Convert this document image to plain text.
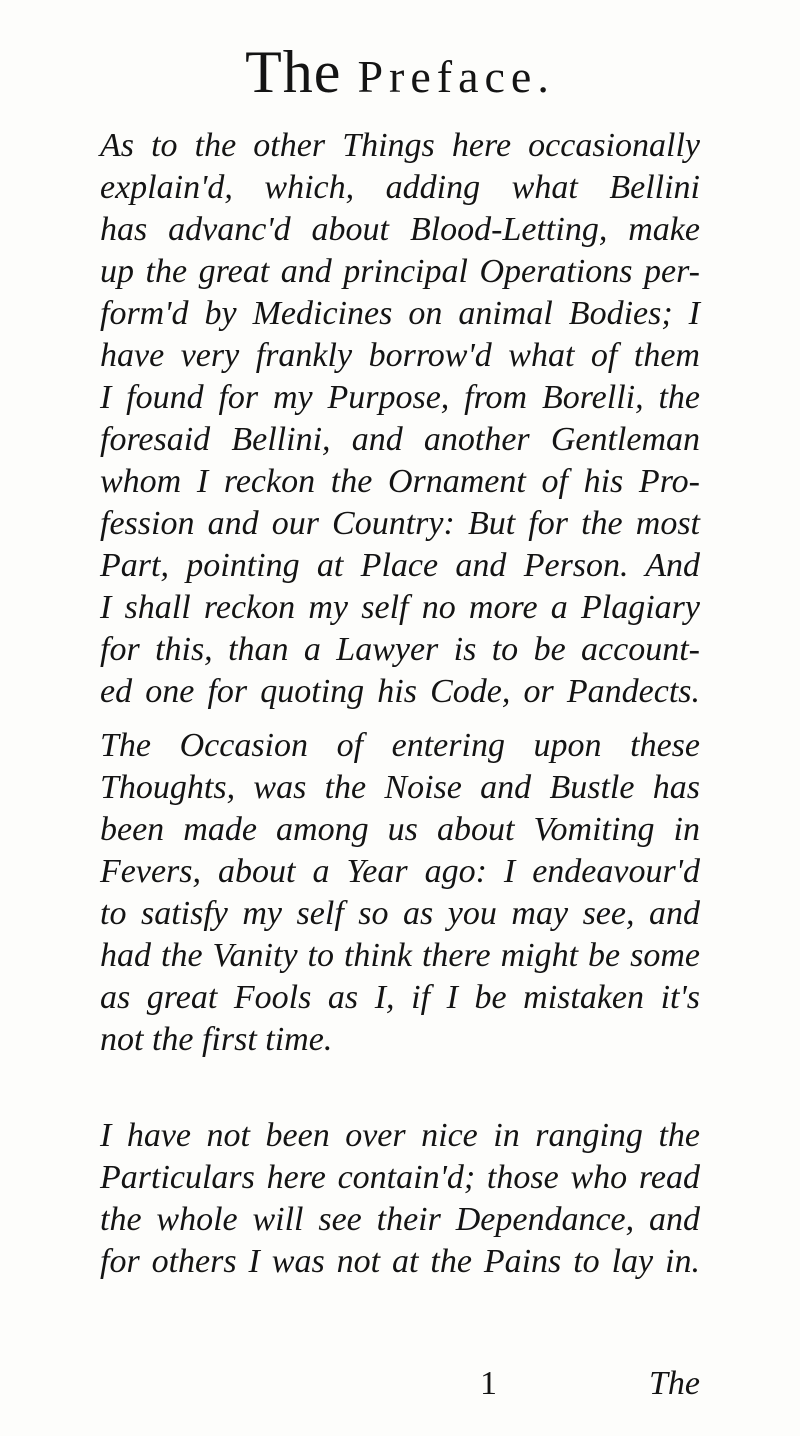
The Preface.
As to the other Things here occasionally
explain'd, which, adding what Bellini
has advanc'd about Blood-Letting, make
up the great and principal Operations per-
form'd by Medicines on animal Bodies; I
have very frankly borrow'd what of them
I found for my Purpose, from Borelli, the
foresaid Bellini, and another Gentleman
whom I reckon the Ornament of his Pro-
fession and our Country: But for the most
Part, pointing at Place and Person. And
I shall reckon my self no more a Plagiary
for this, than a Lawyer is to be account-
ed one for quoting his Code, or Pandects.
The Occasion of entering upon these
Thoughts, was the Noise and Bustle has
been made among us about Vomiting in
Fevers, about a Year ago: I endeavour'd
to satisfy my self so as you may see, and
had the Vanity to think there might be some
as great Fools as I, if I be mistaken it's
not the first time.
I have not been over nice in ranging the
Particulars here contain'd; those who read
the whole will see their Dependance, and
for others I was not at the Pains to lay in.
1	The
